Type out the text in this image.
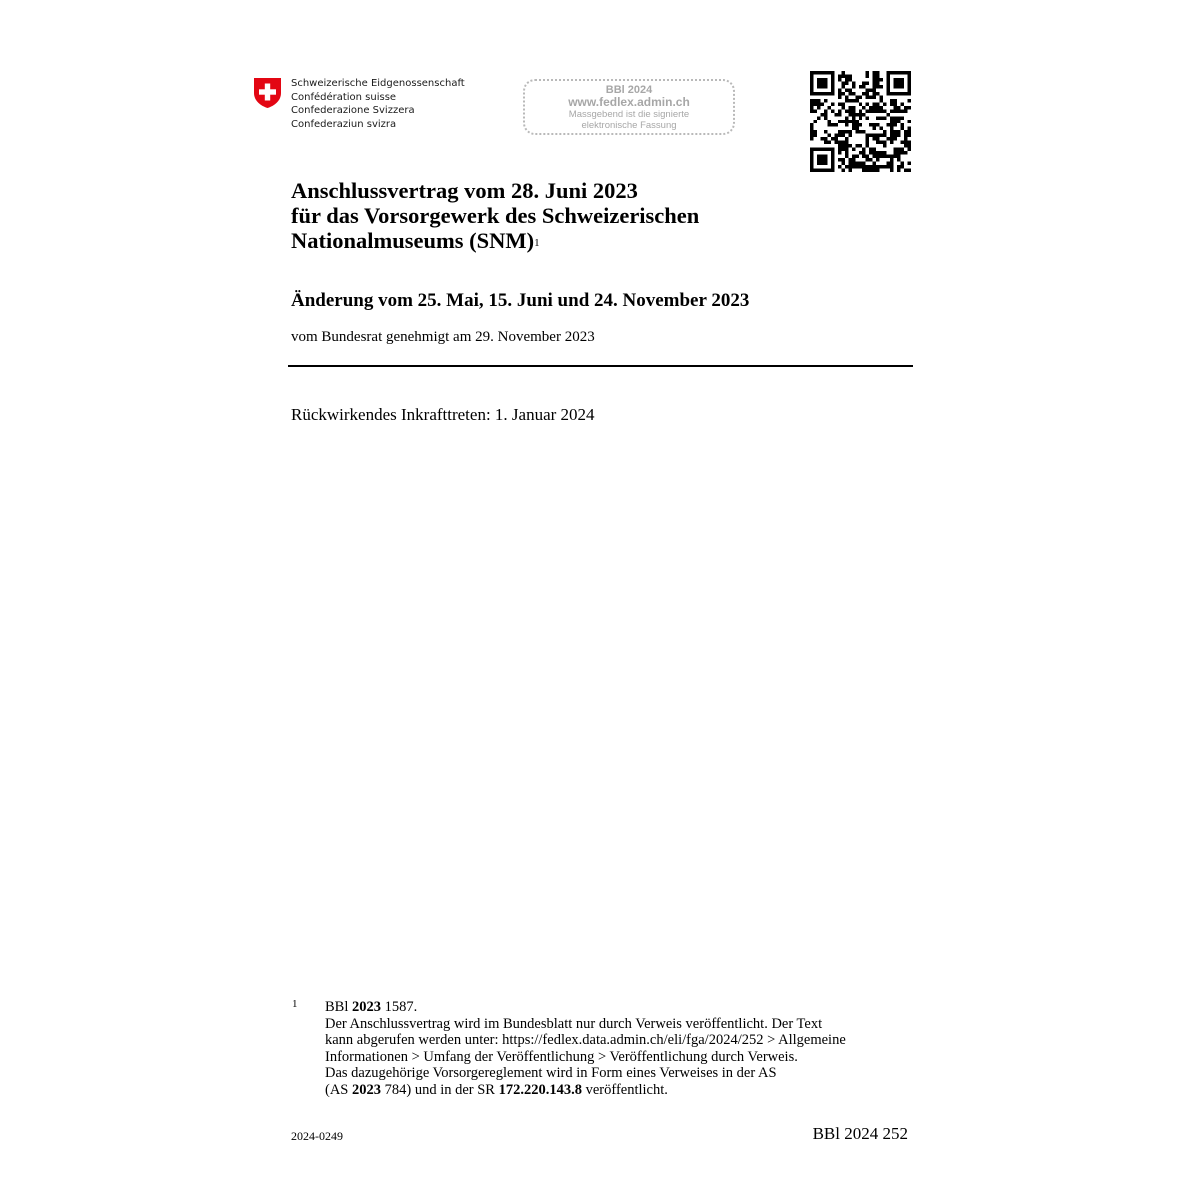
Schweizerische Eidgenossenschaft
Confédération suisse
Confederazione Svizzera
Confederaziun svizra
BBl 2024
www.fedlex.admin.ch
Massgebend ist die signierte
elektronische Fassung
Anschlussvertrag vom 28. Juni 2023
für das Vorsorgewerk des Schweizerischen
Nationalmuseums (SNM)$^1$
Änderung vom 25. Mai, 15. Juni und 24. November 2023
vom Bundesrat genehmigt am 29. November 2023
Rückwirkendes Inkrafttreten: 1. Januar 2024
1 BBl 2023 1587.
Der Anschlussvertrag wird im Bundesblatt nur durch Verweis veröffentlicht. Der Text
kann abgerufen werden unter: https://fedlex.data.admin.ch/eli/fga/2024/252 > Allgemeine
Informationen > Umfang der Veröffentlichung > Veröffentlichung durch Verweis.
Das dazugehörige Vorsorgereglement wird in Form eines Verweises in der AS
(AS 2023 784) und in der SR 172.220.143.8 veröffentlicht.
2024-0249	BBl 2024 252
